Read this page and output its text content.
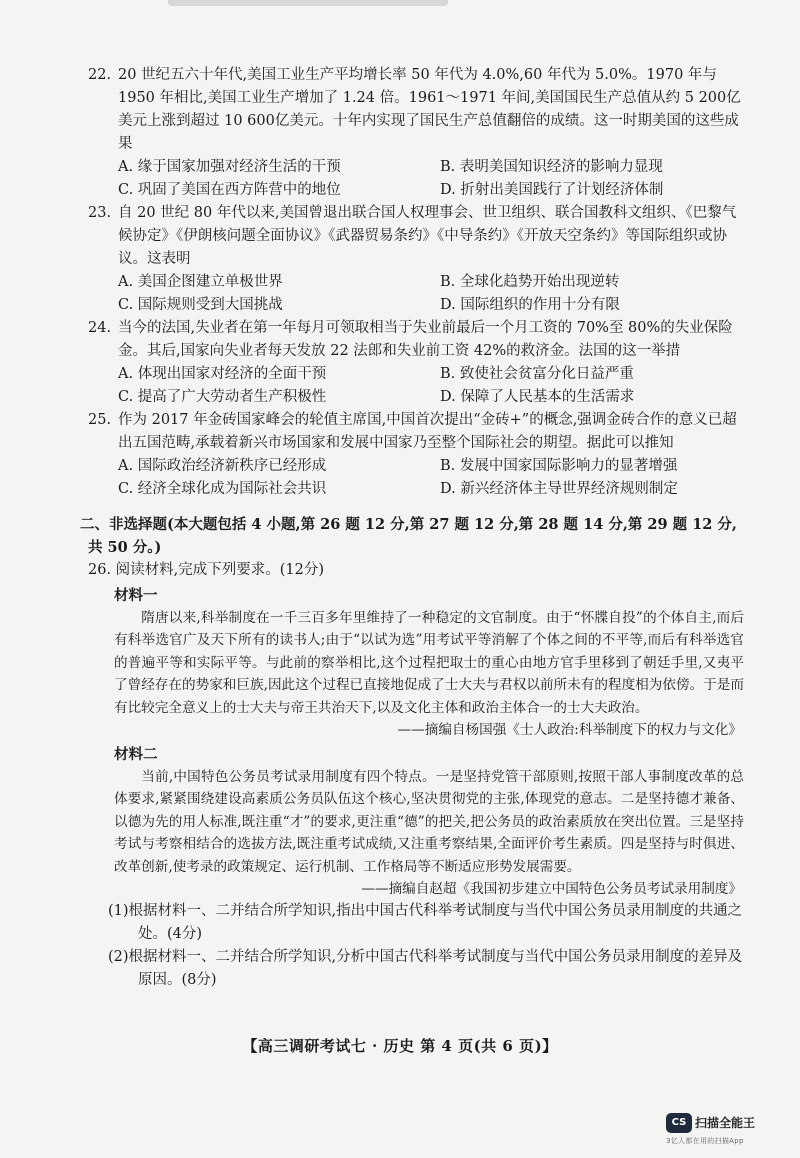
22. 20 世纪五六十年代,美国工业生产平均增长率 50 年代为 4.0%,60 年代为 5.0%。1970 年与 1950 年相比,美国工业生产增加了 1.24 倍。1961～1971 年间,美国国民生产总值从约 5 200亿美元上涨到超过 10 600亿美元。十年内实现了国民生产总值翻倍的成绩。这一时期美国的这些成果
A. 缘于国家加强对经济生活的干预	B. 表明美国知识经济的影响力显现
C. 巩固了美国在西方阵营中的地位	D. 折射出美国践行了计划经济体制
23. 自 20 世纪 80 年代以来,美国曾退出联合国人权理事会、世卫组织、联合国教科文组织、《巴黎气候协定》《伊朗核问题全面协议》《武器贸易条约》《中导条约》《开放天空条约》等国际组织或协议。这表明
A. 美国企图建立单极世界	B. 全球化趋势开始出现逆转
C. 国际规则受到大国挑战	D. 国际组织的作用十分有限
24. 当今的法国,失业者在第一年每月可领取相当于失业前最后一个月工资的 70%至 80%的失业保险金。其后,国家向失业者每天发放 22 法郎和失业前工资 42%的救济金。法国的这一举措
A. 体现出国家对经济的全面干预	B. 致使社会贫富分化日益严重
C. 提高了广大劳动者生产积极性	D. 保障了人民基本的生活需求
25. 作为 2017 年金砖国家峰会的轮值主席国,中国首次提出“金砖+”的概念,强调金砖合作的意义已超出五国范畴,承载着新兴市场国家和发展中国家乃至整个国际社会的期望。据此可以推知
A. 国际政治经济新秩序已经形成	B. 发展中国家国际影响力的显著增强
C. 经济全球化成为国际社会共识	D. 新兴经济体主导世界经济规则制定
二、非选择题(本大题包括 4 小题,第 26 题 12 分,第 27 题 12 分,第 28 题 14 分,第 29 题 12 分,共 50 分。)
26. 阅读材料,完成下列要求。(12分)
材料一

隋唐以来,科举制度在一千三百多年里维持了一种稳定的文官制度。由于“怀牒自投”的个体自主,而后有科举选官广及天下所有的读书人;由于“以试为选”用考试平等消解了个体之间的不平等,而后有科举选官的普遍平等和实际平等。与此前的察举相比,这个过程把取士的重心由地方官手里移到了朝廷手里,又夷平了曾经存在的势家和巨族,因此这个过程已直接地促成了士大夫与君权以前所未有的程度相为依傍。于是而有比较完全意义上的士大夫与帝王共治天下,以及文化主体和政治主体合一的士大夫政治。

——摘编自杨国强《士人政治:科举制度下的权力与文化》
材料二

当前,中国特色公务员考试录用制度有四个特点。一是坚持党管干部原则,按照干部人事制度改革的总体要求,紧紧围绕建设高素质公务员队伍这个核心,坚决贯彻党的主张,体现党的意志。二是坚持德才兼备、以德为先的用人标准,既注重“才”的要求,更注重“德”的把关,把公务员的政治素质放在突出位置。三是坚持考试与考察相结合的选拔方法,既注重考试成绩,又注重考察结果,全面评价考生素质。四是坚持与时俱进、改革创新,使考录的政策规定、运行机制、工作格局等不断适应形势发展需要。

——摘编自赵超《我国初步建立中国特色公务员考试录用制度》
(1)根据材料一、二并结合所学知识,指出中国古代科举考试制度与当代中国公务员录用制度的共通之处。(4分)
(2)根据材料一、二并结合所学知识,分析中国古代科举考试制度与当代中国公务员录用制度的差异及原因。(8分)
【高三调研考试七 · 历史 第 4 页(共 6 页)】
CS 扫描全能王
3亿人都在用的扫描App
